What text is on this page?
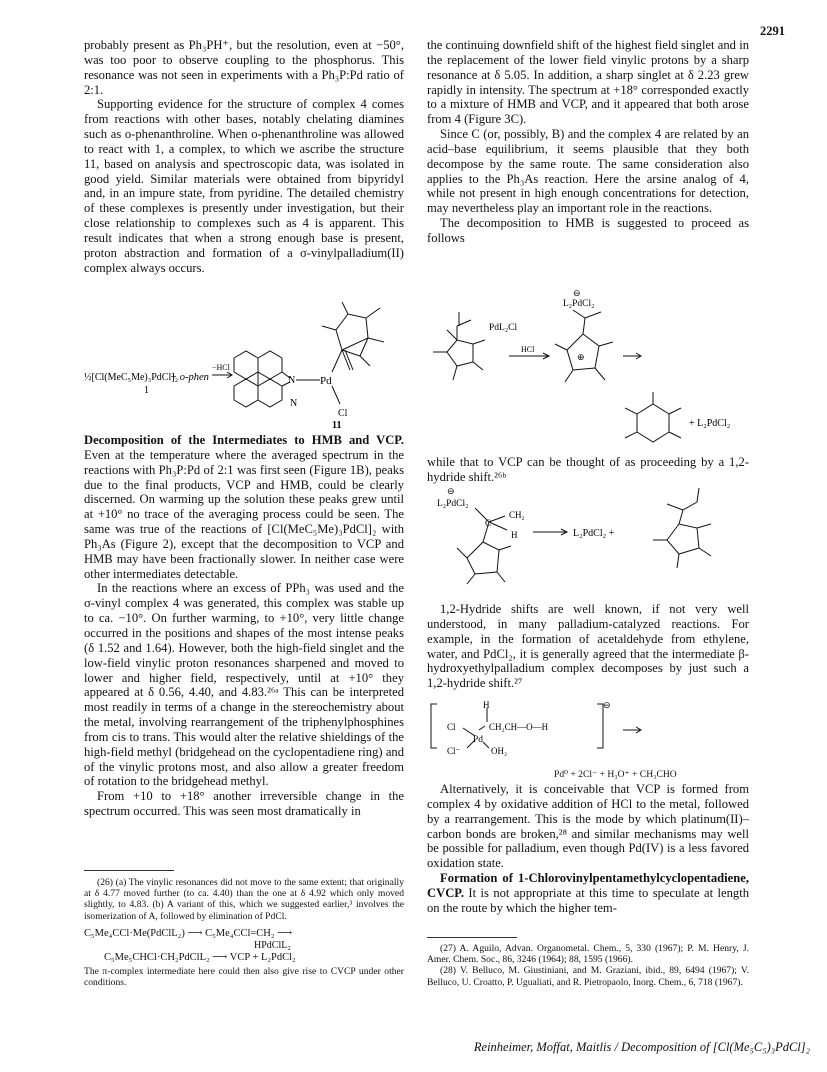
2291

probably present as Ph₃PH⁺, but the resolution, even at −50°, was too poor to observe coupling to the phosphorus. This resonance was not seen in experiments with a Ph₃P:Pd ratio of 2:1.

Supporting evidence for the structure of complex 4 comes from reactions with other bases, notably chelating diamines such as o-phenanthroline. When o-phenanthroline was allowed to react with 1, a complex, to which we ascribe the structure 11, based on analysis and spectroscopic data, was isolated in good yield. Similar materials were obtained from bipyridyl and, in an impure state, from pyridine. The detailed chemistry of these complexes is presently under investigation, but their close relationship to complexes such as 4 is apparent. This result indicates that when a strong enough base is present, proton abstraction and formation of a σ-vinylpalladium(II) complex always occurs.

N
N
Pd
Cl
½[Cl(MeC₅Me)₃PdCl]₂
1
+ o-phen
−HCl
11

Decomposition of the Intermediates to HMB and VCP. Even at the temperature where the averaged spectrum in the reactions with Ph₃P:Pd of 2:1 was first seen (Figure 1B), peaks due to the final products, VCP and HMB, could be clearly discerned. On warming up the solution these peaks grew until at +10° no trace of the averaging process could be seen. The same was true of the reactions of [Cl(MeC₅Me)₃PdCl]₂ with Ph₃As (Figure 2), except that the decomposition to VCP and HMB may have been fractionally slower. In neither case were other intermediates detectable.

In the reactions where an excess of PPh₃ was used and the σ-vinyl complex 4 was generated, this complex was stable up to ca. −10°. On further warming, to +10°, very little change occurred in the positions and shapes of the most intense peaks (δ 1.52 and 1.64). However, both the high-field singlet and the low-field vinylic proton resonances sharpened and moved to lower and higher field, respectively, until at +10° they appeared at δ 0.56, 4.40, and 4.83.²⁶ᵃ This can be interpreted most readily in terms of a change in the stereochemistry about the metal, involving rearrangement of the triphenylphosphines from cis to trans. This would alter the relative shieldings of the high-field methyl (bridgehead on the cyclopentadiene ring) and of the vinylic protons most, and also allow a greater freedom of rotation to the bridgehead methyl.

From +10 to +18° another irreversible change in the spectrum occurred. This was seen most dramatically in

(26) (a) The vinylic resonances did not move to the same extent; that originally at δ 4.77 moved further (to ca. 4.40) than the one at δ 4.92 which only moved slightly, to 4.83. (b) A variant of this, which we suggested earlier,³ involves the isomerization of A, followed by elimination of PdCl.

C₅Me₄CCl·Me(PdClL₂) ⟶ C₅Me₄CCl=CH₂ ⟶
HPdClL₂
C₅Me₅CHCl·CH₂PdClL₂ ⟶ VCP + L₂PdCl₂

The π-complex intermediate here could then also give rise to CVCP under other conditions.

the continuing downfield shift of the highest field singlet and in the replacement of the lower field vinylic protons by a sharp resonance at δ 5.05. In addition, a sharp singlet at δ 2.23 grew rapidly in intensity. The spectrum at +18° corresponded exactly to a mixture of HMB and VCP, and it appeared that both arose from 4 (Figure 3C).

Since C (or, possibly, B) and the complex 4 are related by an acid–base equilibrium, it seems plausible that they both decompose by the same route. The same consideration also applies to the Ph₃As reaction. Here the arsine analog of 4, while not present in high enough concentrations for detection, may nevertheless play an important role in the reactions.

The decomposition to HMB is suggested to proceed as follows

PdL₂Cl
HCl
⊖
L₂PdCl₂
⊕
+ L₂PdCl₂

while that to VCP can be thought of as proceeding by a 1,2-hydride shift.²⁶ᵇ

⊖
L₂PdCl₂
C
CH₂
H	L₂PdCl₂ +

1,2-Hydride shifts are well known, if not very well understood, in many palladium-catalyzed reactions. For example, in the formation of acetaldehyde from ethylene, water, and PdCl₂, it is generally agreed that the intermediate β-hydroxyethylpalladium complex decomposes by just such a 1,2-hydride shift.²⁷

H
Cl	CH₂CH—O—H
Pd
Cl⁻	OH₂
⊖
Pd⁰ + 2Cl⁻ + H₃O⁺ + CH₃CHO

Alternatively, it is conceivable that VCP is formed from complex 4 by oxidative addition of HCl to the metal, followed by a rearrangement. This is the mode by which platinum(II)–carbon bonds are broken,²⁸ and similar mechanisms may well be possible for palladium, even though Pd(IV) is a less favored oxidation state.

Formation of 1-Chlorovinylpentamethylcyclopentadiene, CVCP. It is not appropriate at this time to speculate at length on the route by which the higher tem-

(27) A. Aguilo, Advan. Organometal. Chem., 5, 330 (1967); P. M. Henry, J. Amer. Chem. Soc., 86, 3246 (1964); 88, 1595 (1966).

(28) V. Belluco, M. Giustiniani, and M. Graziani, ibid., 89, 6494 (1967); V. Belluco, U. Croatto, P. Ugualiati, and R. Pietropaolo, Inorg. Chem., 6, 718 (1967).

Reinheimer, Moffat, Maitlis / Decomposition of [Cl(Me₅C₅)₃PdCl]₂
